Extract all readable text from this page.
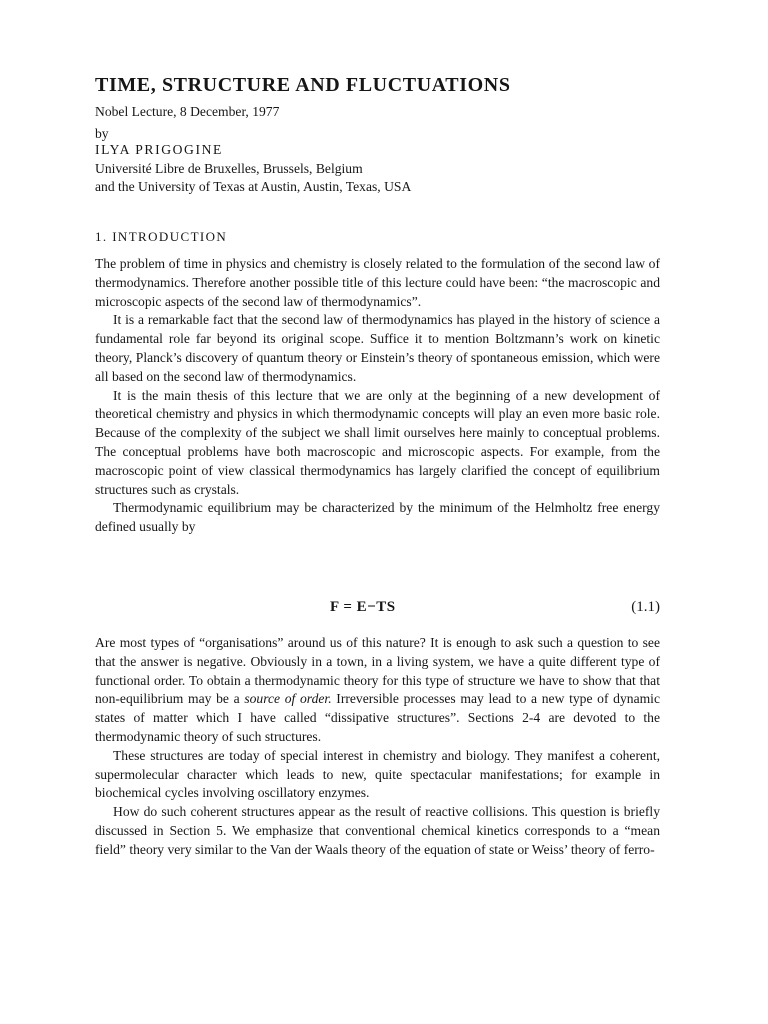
TIME, STRUCTURE AND FLUCTUATIONS
Nobel Lecture, 8 December, 1977
by
ILYA PRIGOGINE
Université Libre de Bruxelles, Brussels, Belgium
and the University of Texas at Austin, Austin, Texas, USA
1. INTRODUCTION

The problem of time in physics and chemistry is closely related to the formulation of the second law of thermodynamics. Therefore another possible title of this lecture could have been: “the macroscopic and microscopic aspects of the second law of thermodynamics”.

It is a remarkable fact that the second law of thermodynamics has played in the history of science a fundamental role far beyond its original scope. Suffice it to mention Boltzmann’s work on kinetic theory, Planck’s discovery of quantum theory or Einstein’s theory of spontaneous emission, which were all based on the second law of thermodynamics.

It is the main thesis of this lecture that we are only at the beginning of a new development of theoretical chemistry and physics in which thermodynamic concepts will play an even more basic role. Because of the complexity of the subject we shall limit ourselves here mainly to conceptual problems. The conceptual problems have both macroscopic and microscopic aspects. For example, from the macroscopic point of view classical thermodynamics has largely clarified the concept of equilibrium structures such as crystals.

Thermodynamic equilibrium may be characterized by the minimum of the Helmholtz free energy defined usually by

F = E−TS	(1.1)

Are most types of “organisations” around us of this nature? It is enough to ask such a question to see that the answer is negative. Obviously in a town, in a living system, we have a quite different type of functional order. To obtain a thermodynamic theory for this type of structure we have to show that that non-equilibrium may be a source of order. Irreversible processes may lead to a new type of dynamic states of matter which I have called “dissipative structures”. Sections 2-4 are devoted to the thermodynamic theory of such structures.

These structures are today of special interest in chemistry and biology. They manifest a coherent, supermolecular character which leads to new, quite spectacular manifestations; for example in biochemical cycles involving oscillatory enzymes.

How do such coherent structures appear as the result of reactive collisions. This question is briefly discussed in Section 5. We emphasize that conventional chemical kinetics corresponds to a “mean field” theory very similar to the Van der Waals theory of the equation of state or Weiss’ theory of ferro-
